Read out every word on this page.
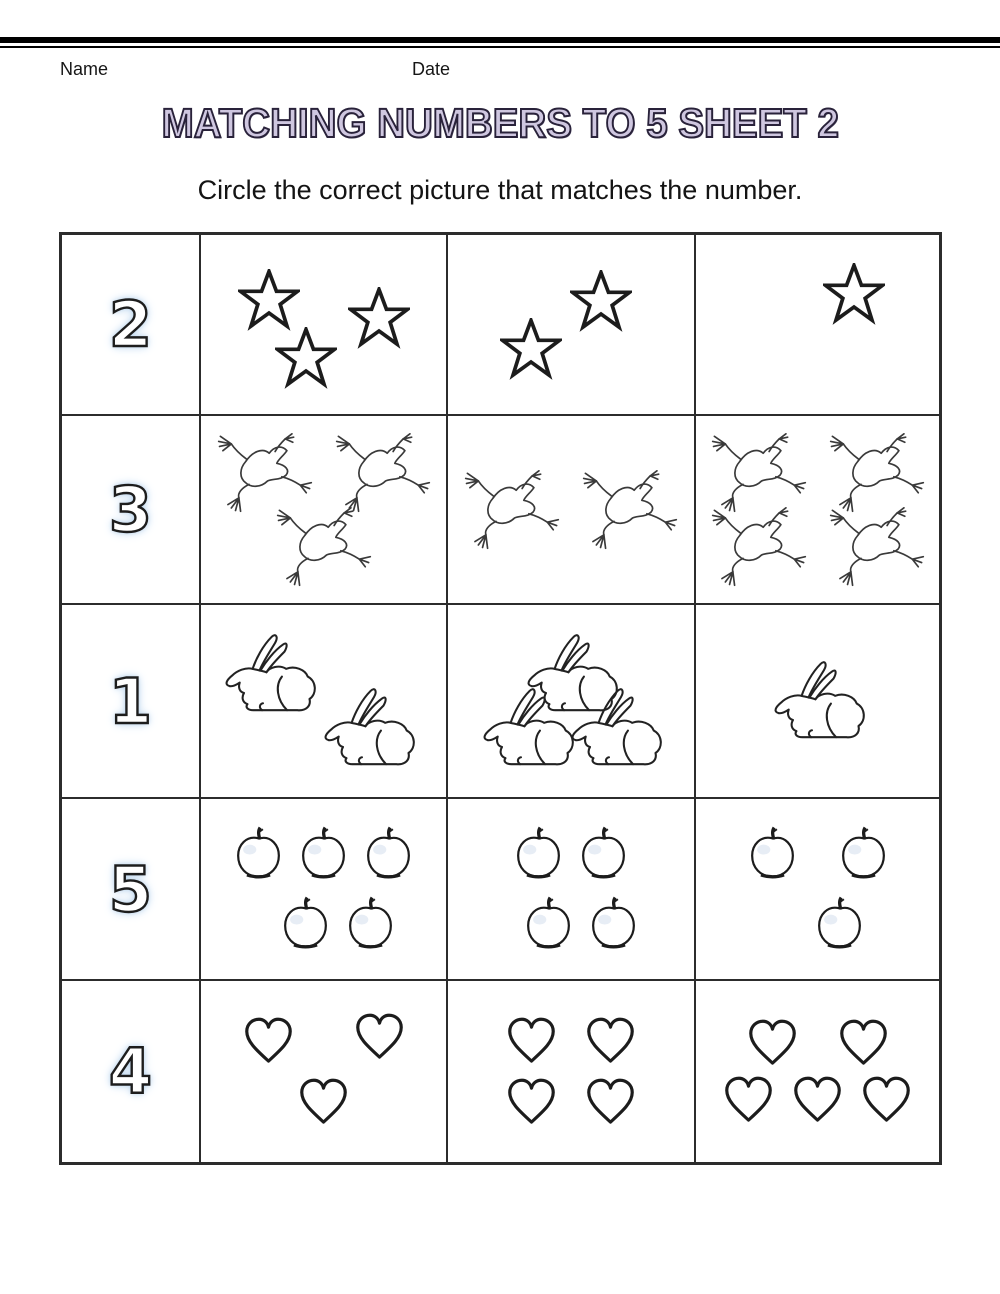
Name	Date
MATCHING NUMBERS TO 5 SHEET 2
Circle the correct picture that matches the number.
2
3
1
5
4
